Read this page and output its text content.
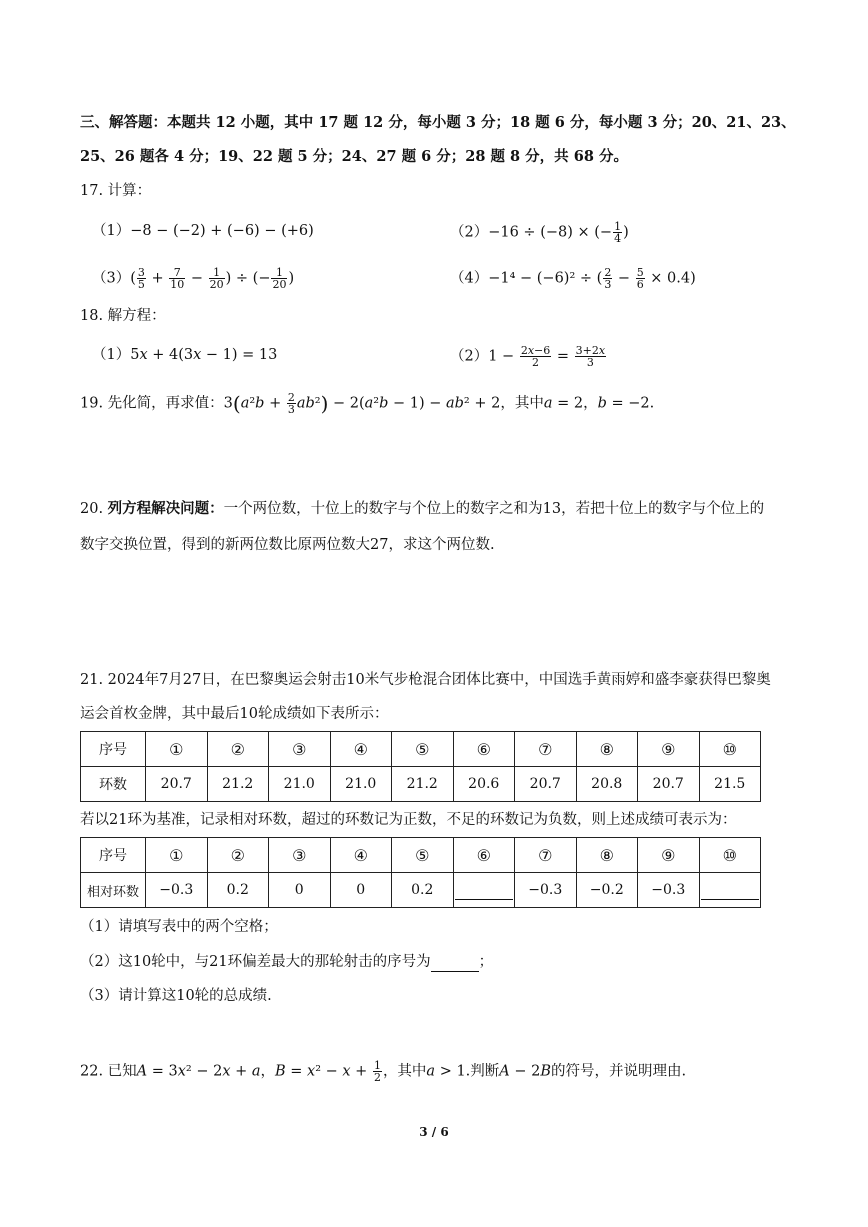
三、解答题：本题共 12 小题，其中 17 题 12 分，每小题 3 分；18 题 6 分，每小题 3 分；20、21、23、
25、26 题各 4 分；19、22 题 5 分；24、27 题 6 分；28 题 8 分，共 68 分。
17. 计算：
（1）−8 − (−2) + (−6) − (+6)	（2）−16 ÷ (−8) × (− $\frac{1}{4}$ )
$(3)( \frac{3}{5} + \frac{7}{10} - \frac{1}{20}$ ) ÷ (− $\frac{1}{20}$ )	（4）−1⁴ − (−6)² ÷ ( $\frac{2}{3} - \frac{5}{6} \times 0.4$)
18. 解方程：
（1）5𝑥 + 4(3𝑥 − 1) = 13	$(2)1 - \frac{\text{2𝑥−6}}{2} = \frac{\text{3+2𝑥}}{3}$
19. 先化简，再求值：3(𝑎²𝑏 + $\frac{2}{3}$ 𝑎𝑏²) − 2(𝑎²𝑏 − 1) − 𝑎𝑏² + 2，其中𝑎 = 2，𝑏 = −2.
20. 列方程解决问题：一个两位数，十位上的数字与个位上的数字之和为13，若把十位上的数字与个位上的
数字交换位置，得到的新两位数比原两位数大27，求这个两位数.
21. 2024年7月27日，在巴黎奥运会射击10米气步枪混合团体比赛中，中国选手黄雨婷和盛李豪获得巴黎奥
运会首枚金牌，其中最后10轮成绩如下表所示：
序号	①	②	③	④	⑤	⑥	⑦	⑧	⑨	⑩
环数	20.7	21.2	21.0	21.0	21.2	20.6	20.7	20.8	20.7	21.5
若以21环为基准，记录相对环数，超过的环数记为正数，不足的环数记为负数，则上述成绩可表示为：
序号	①	②	③	④	⑤	⑥	⑦	⑧	⑨	⑩
相对环数	−0.3	0.2	0	0	0.2		−0.3	−0.2	−0.3	
（1）请填写表中的两个空格；
（2）这10轮中，与21环偏差最大的那轮射击的序号为	；
（3）请计算这10轮的总成绩.
22. 已知𝐴 = 3𝑥² − 2𝑥 + 𝑎，𝐵 = 𝑥² − 𝑥 + $\frac{1}{2}$ ，其中𝑎 > 1.判断𝐴 − 2𝐵的符号，并说明理由.
3 / 6
